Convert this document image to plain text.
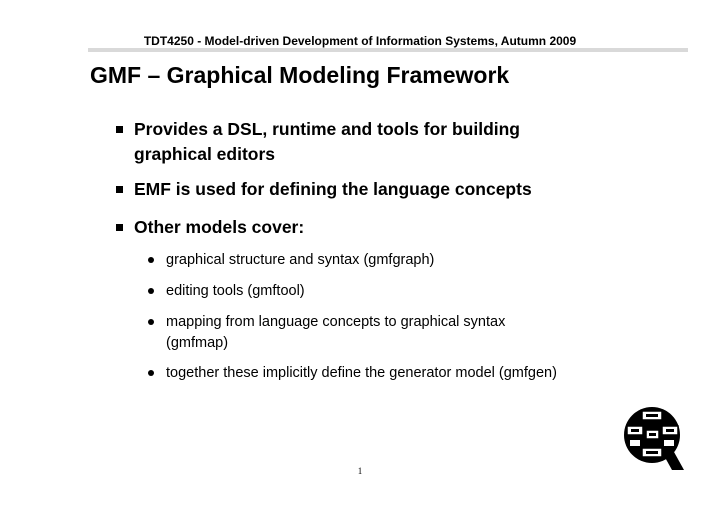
TDT4250 - Model-driven Development of Information Systems, Autumn 2009
GMF – Graphical Modeling Framework
Provides a DSL, runtime and tools for building
graphical editors
EMF is used for defining the language concepts
Other models cover:
graphical structure and syntax (gmfgraph)
editing tools (gmftool)
mapping from language concepts to graphical syntax
(gmfmap)
together these implicitly define the generator model (gmfgen)
1
